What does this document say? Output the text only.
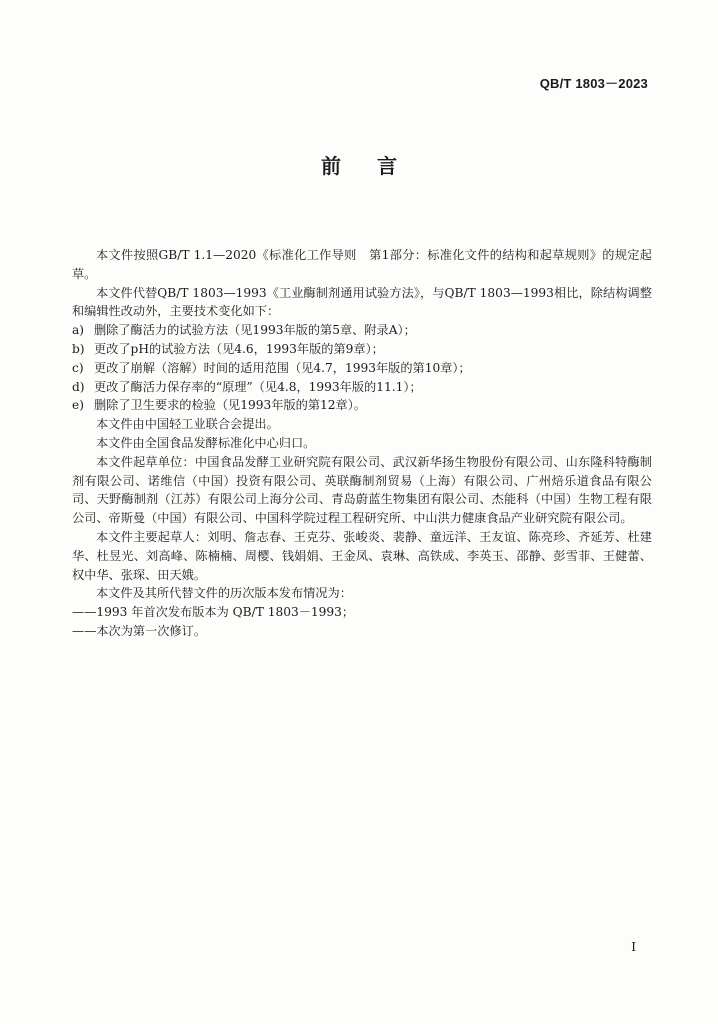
QB/T 1803－2023
前言

本文件按照GB/T 1.1—2020《标准化工作导则　第1部分：标准化文件的结构和起草规则》的规定起草。

本文件代替QB/T 1803—1993《工业酶制剂通用试验方法》，与QB/T 1803—1993相比，除结构调整和编辑性改动外，主要技术变化如下：

a) 删除了酶活力的试验方法（见1993年版的第5章、附录A）；

b) 更改了pH的试验方法（见4.6，1993年版的第9章）；

c) 更改了崩解（溶解）时间的适用范围（见4.7，1993年版的第10章）；

d) 更改了酶活力保存率的“原理”（见4.8，1993年版的11.1）；

e) 删除了卫生要求的检验（见1993年版的第12章）。

本文件由中国轻工业联合会提出。

本文件由全国食品发酵标准化中心归口。

本文件起草单位：中国食品发酵工业研究院有限公司、武汉新华扬生物股份有限公司、山东隆科特酶制剂有限公司、诺维信（中国）投资有限公司、英联酶制剂贸易（上海）有限公司、广州焙乐道食品有限公司、天野酶制剂（江苏）有限公司上海分公司、青岛蔚蓝生物集团有限公司、杰能科（中国）生物工程有限公司、帝斯曼（中国）有限公司、中国科学院过程工程研究所、中山洪力健康食品产业研究院有限公司。

本文件主要起草人：刘明、詹志春、王克芬、张峻炎、裴静、童远洋、王友谊、陈亮珍、齐延芳、杜建华、杜昱光、刘高峰、陈楠楠、周樱、钱娟娟、王金凤、袁琳、高铁成、李英玉、邵静、彭雪菲、王健蕾、权中华、张琛、田天娥。

本文件及其所代替文件的历次版本发布情况为：

——1993 年首次发布版本为 QB/T 1803－1993；

——本次为第一次修订。

I
